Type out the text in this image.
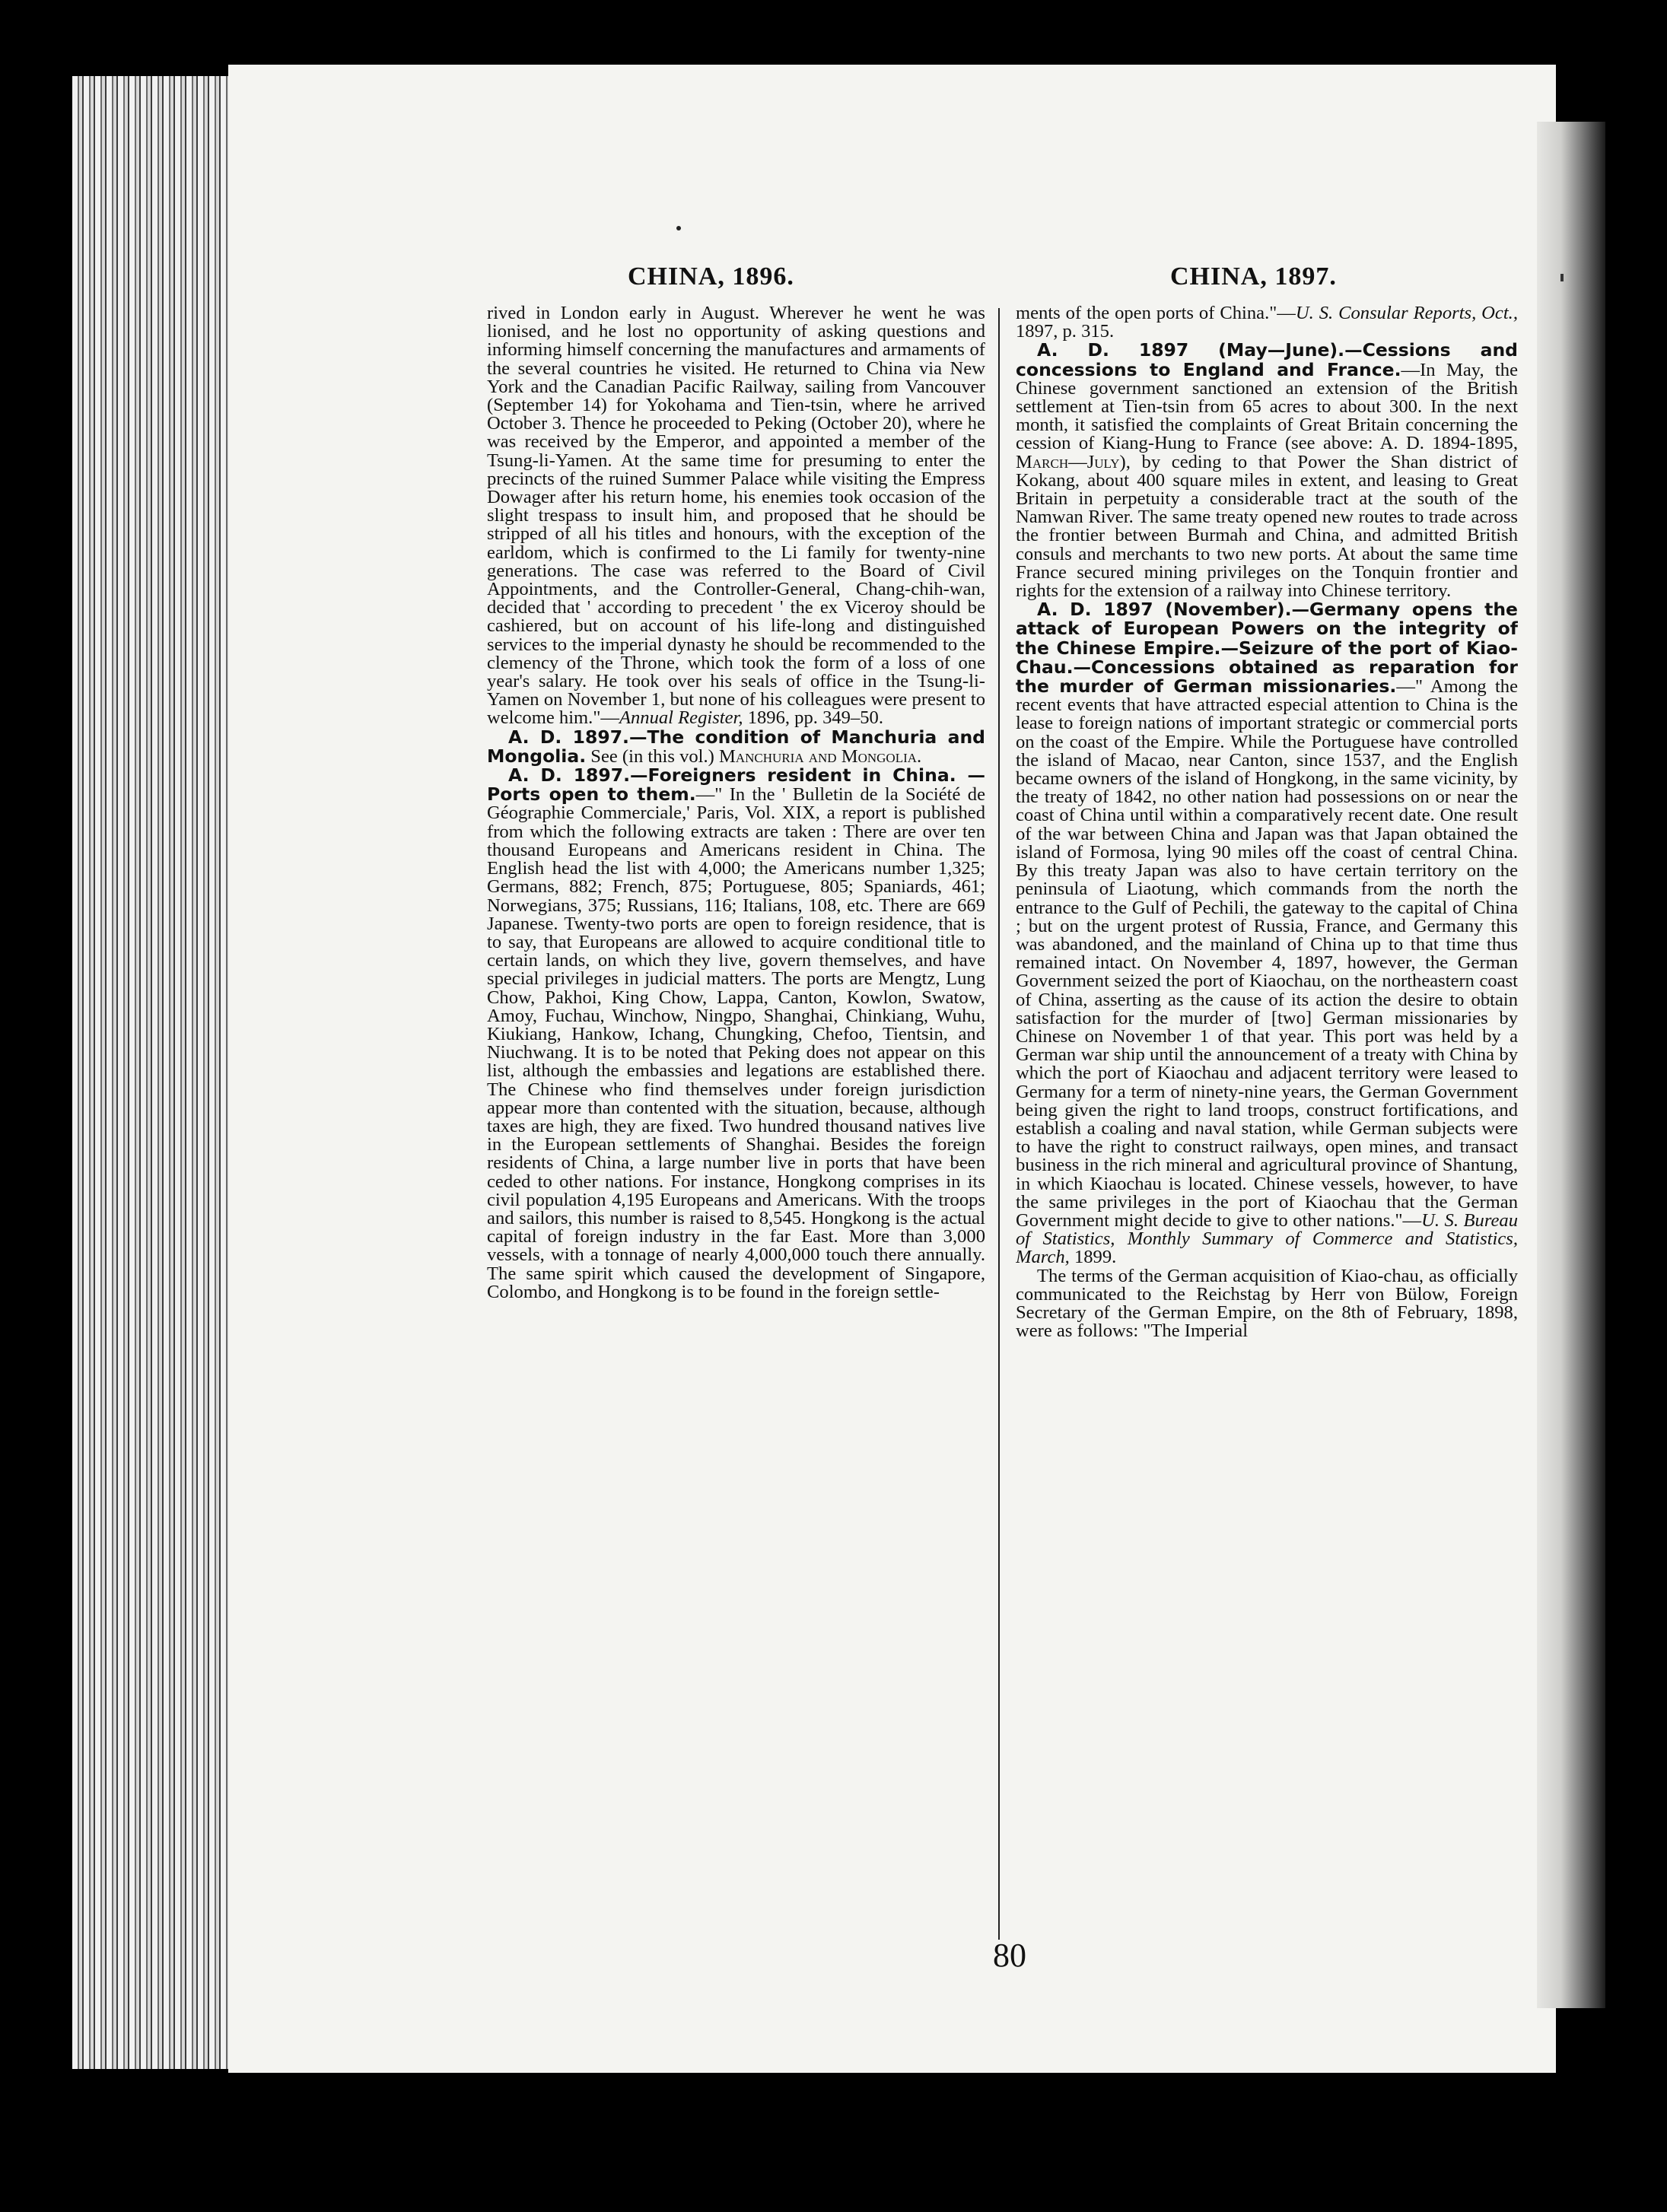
CHINA, 1896.	CHINA, 1897.

rived in London early in August. Wherever he went he was lionised, and he lost no opportunity of asking questions and informing himself concerning the manufactures and armaments of the several countries he visited. He returned to China via New York and the Canadian Pacific Railway, sailing from Vancouver (September 14) for Yokohama and Tien-tsin, where he arrived October 3. Thence he proceeded to Peking (October 20), where he was received by the Emperor, and appointed a member of the Tsung-li-Yamen. At the same time for presuming to enter the precincts of the ruined Summer Palace while visiting the Empress Dowager after his return home, his enemies took occasion of the slight trespass to insult him, and proposed that he should be stripped of all his titles and honours, with the exception of the earldom, which is confirmed to the Li family for twenty-nine generations. The case was referred to the Board of Civil Appointments, and the Controller-General, Chang-chih-wan, decided that ' according to precedent ' the ex Viceroy should be cashiered, but on account of his life-long and distinguished services to the imperial dynasty he should be recommended to the clemency of the Throne, which took the form of a loss of one year's salary. He took over his seals of office in the Tsung-li-Yamen on November 1, but none of his colleagues were present to welcome him."—Annual Register, 1896, pp. 349–50.

A. D. 1897.—The condition of Manchuria and Mongolia. See (in this vol.) Manchuria and Mongolia.

A. D. 1897.—Foreigners resident in China. —Ports open to them.—" In the ' Bulletin de la Société de Géographie Commerciale,' Paris, Vol. XIX, a report is published from which the following extracts are taken : There are over ten thousand Europeans and Americans resident in China. The English head the list with 4,000; the Americans number 1,325; Germans, 882; French, 875; Portuguese, 805; Spaniards, 461; Norwegians, 375; Russians, 116; Italians, 108, etc. There are 669 Japanese. Twenty-two ports are open to foreign residence, that is to say, that Europeans are allowed to acquire conditional title to certain lands, on which they live, govern themselves, and have special privileges in judicial matters. The ports are Mengtz, Lung Chow, Pakhoi, King Chow, Lappa, Canton, Kowlon, Swatow, Amoy, Fuchau, Winchow, Ningpo, Shanghai, Chinkiang, Wuhu, Kiukiang, Hankow, Ichang, Chungking, Chefoo, Tientsin, and Niuchwang. It is to be noted that Peking does not appear on this list, although the embassies and legations are established there. The Chinese who find themselves under foreign jurisdiction appear more than contented with the situation, because, although taxes are high, they are fixed. Two hundred thousand natives live in the European settlements of Shanghai. Besides the foreign residents of China, a large number live in ports that have been ceded to other nations. For instance, Hongkong comprises in its civil population 4,195 Europeans and Americans. With the troops and sailors, this number is raised to 8,545. Hongkong is the actual capital of foreign industry in the far East. More than 3,000 vessels, with a tonnage of nearly 4,000,000 touch there annually. The same spirit which caused the development of Singapore, Colombo, and Hongkong is to be found in the foreign settle-

ments of the open ports of China."—U. S. Consular Reports, Oct., 1897, p. 315.

A. D. 1897 (May—June).—Cessions and concessions to England and France.—In May, the Chinese government sanctioned an extension of the British settlement at Tien-tsin from 65 acres to about 300. In the next month, it satisfied the complaints of Great Britain concerning the cession of Kiang-Hung to France (see above: A. D. 1894-1895, March—July), by ceding to that Power the Shan district of Kokang, about 400 square miles in extent, and leasing to Great Britain in perpetuity a considerable tract at the south of the Namwan River. The same treaty opened new routes to trade across the frontier between Burmah and China, and admitted British consuls and merchants to two new ports. At about the same time France secured mining privileges on the Tonquin frontier and rights for the extension of a railway into Chinese territory.

A. D. 1897 (November).—Germany opens the attack of European Powers on the integrity of the Chinese Empire.—Seizure of the port of Kiao-Chau.—Concessions obtained as reparation for the murder of German missionaries.—" Among the recent events that have attracted especial attention to China is the lease to foreign nations of important strategic or commercial ports on the coast of the Empire. While the Portuguese have controlled the island of Macao, near Canton, since 1537, and the English became owners of the island of Hongkong, in the same vicinity, by the treaty of 1842, no other nation had possessions on or near the coast of China until within a comparatively recent date. One result of the war between China and Japan was that Japan obtained the island of Formosa, lying 90 miles off the coast of central China. By this treaty Japan was also to have certain territory on the peninsula of Liaotung, which commands from the north the entrance to the Gulf of Pechili, the gateway to the capital of China ; but on the urgent protest of Russia, France, and Germany this was abandoned, and the mainland of China up to that time thus remained intact. On November 4, 1897, however, the German Government seized the port of Kiaochau, on the northeastern coast of China, asserting as the cause of its action the desire to obtain satisfaction for the murder of [two] German missionaries by Chinese on November 1 of that year. This port was held by a German war ship until the announcement of a treaty with China by which the port of Kiaochau and adjacent territory were leased to Germany for a term of ninety-nine years, the German Government being given the right to land troops, construct fortifications, and establish a coaling and naval station, while German subjects were to have the right to construct railways, open mines, and transact business in the rich mineral and agricultural province of Shantung, in which Kiaochau is located. Chinese vessels, however, to have the same privileges in the port of Kiaochau that the German Government might decide to give to other nations."—U. S. Bureau of Statistics, Monthly Summary of Commerce and Statistics, March, 1899.

The terms of the German acquisition of Kiao-chau, as officially communicated to the Reichstag by Herr von Bülow, Foreign Secretary of the German Empire, on the 8th of February, 1898, were as follows: "The Imperial

80
